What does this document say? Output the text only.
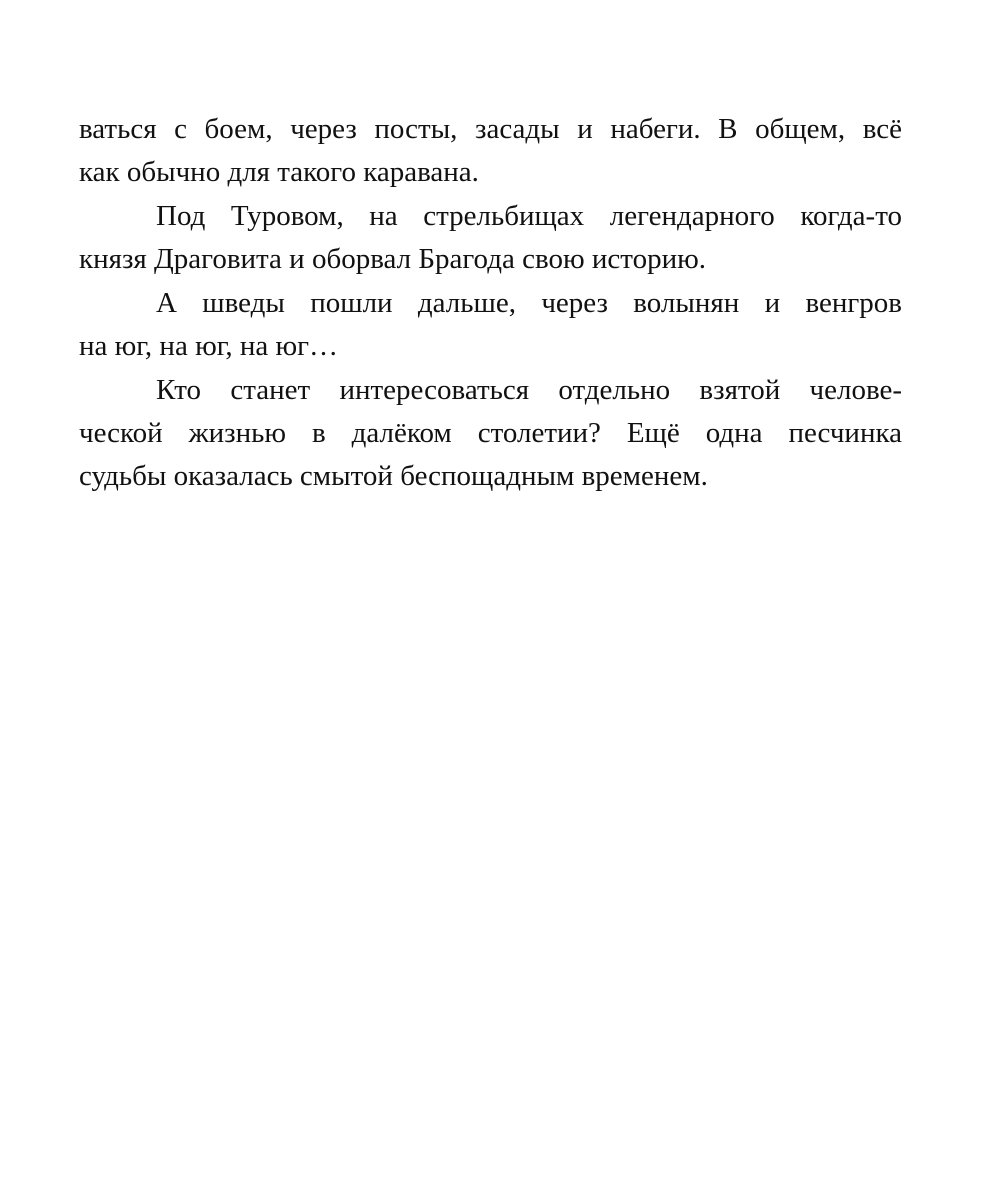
ваться с боем, через посты, засады и набеги. В общем, всё
как обычно для такого каравана.
Под Туровом, на стрельбищах легендарного когда-то
князя Драговита и оборвал Брагода свою историю.
А шведы пошли дальше, через волынян и венгров
на юг, на юг, на юг…
Кто станет интересоваться отдельно взятой челове-
ческой жизнью в далёком столетии? Ещё одна песчинка
судьбы оказалась смытой беспощадным временем.
